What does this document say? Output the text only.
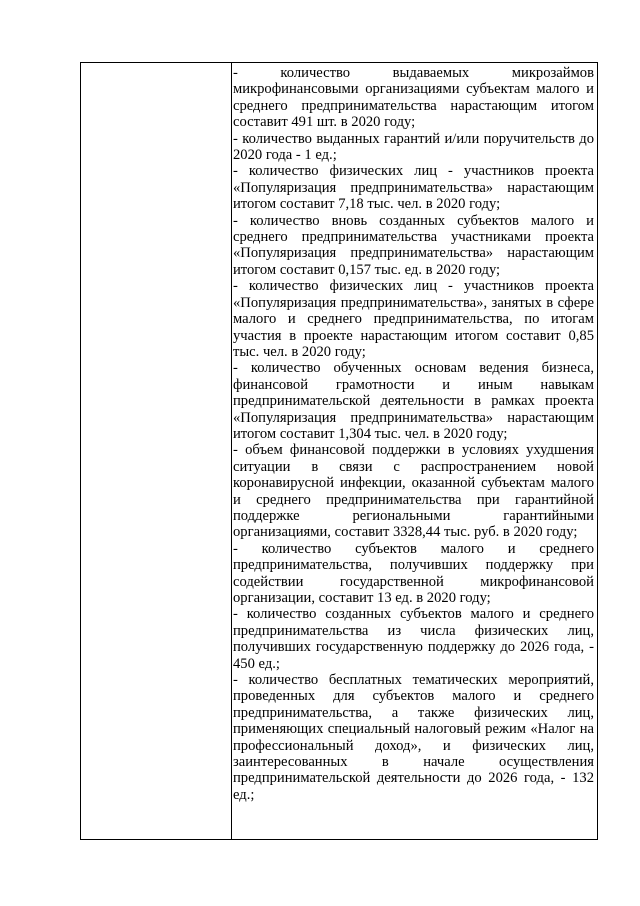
- количество выдаваемых микрозаймов микрофинансовыми организациями субъектам малого и среднего предпринимательства нарастающим итогом составит 491 шт. в 2020 году;

- количество выданных гарантий и/или поручительств до 2020 года - 1 ед.;

- количество физических лиц - участников проекта «Популяризация предпринимательства» нарастающим итогом составит 7,18 тыс. чел. в 2020 году;

- количество вновь созданных субъектов малого и среднего предпринимательства участниками проекта «Популяризация предпринимательства» нарастающим итогом составит 0,157 тыс. ед. в 2020 году;

- количество физических лиц - участников проекта «Популяризация предпринимательства», занятых в сфере малого и среднего предпринимательства, по итогам участия в проекте нарастающим итогом составит 0,85 тыс. чел. в 2020 году;

- количество обученных основам ведения бизнеса, финансовой грамотности и иным навыкам предпринимательской деятельности в рамках проекта «Популяризация предпринимательства» нарастающим итогом составит 1,304 тыс. чел. в 2020 году;

- объем финансовой поддержки в условиях ухудшения ситуации в связи с распространением новой коронавирусной инфекции, оказанной субъектам малого и среднего предпринимательства при гарантийной поддержке региональными гарантийными организациями, составит 3328,44 тыс. руб. в 2020 году;

- количество субъектов малого и среднего предпринимательства, получивших поддержку при содействии государственной микрофинансовой организации, составит 13 ед. в 2020 году;

- количество созданных субъектов малого и среднего предпринимательства из числа физических лиц, получивших государственную поддержку до 2026 года, - 450 ед.;

- количество бесплатных тематических мероприятий, проведенных для субъектов малого и среднего предпринимательства, а также физических лиц, применяющих специальный налоговый режим «Налог на профессиональный доход», и физических лиц, заинтересованных в начале осуществления предпринимательской деятельности до 2026 года, - 132 ед.;
